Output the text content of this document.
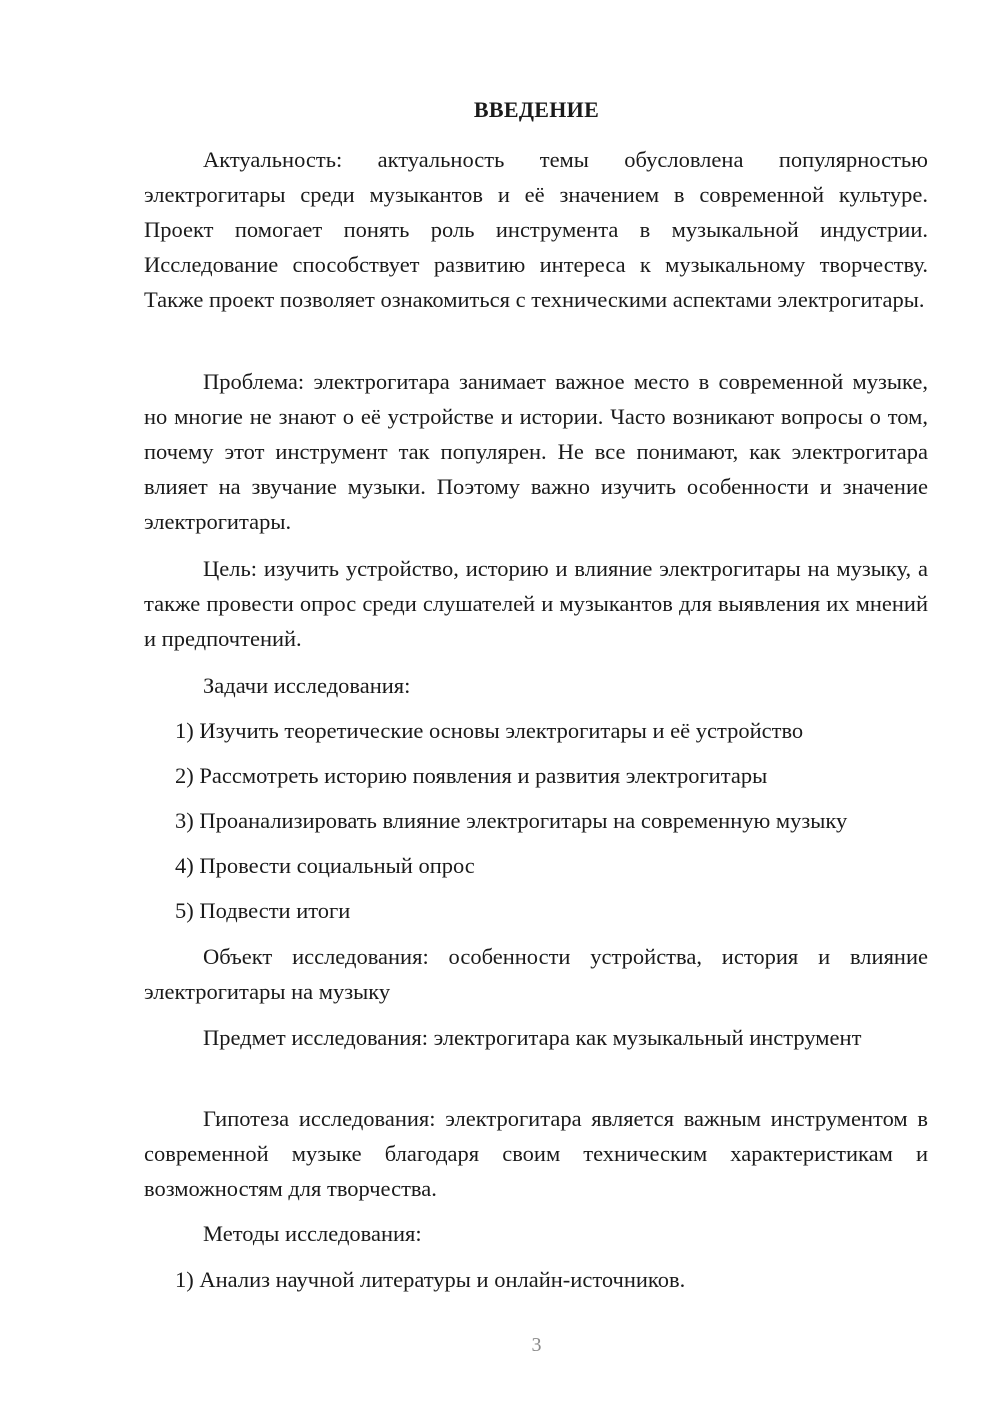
ВВЕДЕНИЕ

Актуальность: актуальность темы обусловлена популярностью электрогитары среди музыкантов и её значением в современной культуре. Проект помогает понять роль инструмента в музыкальной индустрии. Исследование способствует развитию интереса к музыкальному творчеству. Также проект позволяет ознакомиться с техническими аспектами электрогитары.

Проблема: электрогитара занимает важное место в современной музыке, но многие не знают о её устройстве и истории. Часто возникают вопросы о том, почему этот инструмент так популярен. Не все понимают, как электрогитара влияет на звучание музыки. Поэтому важно изучить особенности и значение электрогитары.

Цель: изучить устройство, историю и влияние электрогитары на музыку, а также провести опрос среди слушателей и музыкантов для выявления их мнений и предпочтений.

Задачи исследования:

1) Изучить теоретические основы электрогитары и её устройство

2) Рассмотреть историю появления и развития электрогитары

3) Проанализировать влияние электрогитары на современную музыку

4) Провести социальный опрос

5) Подвести итоги

Объект исследования: особенности устройства, история и влияние электрогитары на музыку

Предмет исследования: электрогитара как музыкальный инструмент

Гипотеза исследования: электрогитара является важным инструментом в современной музыке благодаря своим техническим характеристикам и возможностям для творчества.

Методы исследования:

1) Анализ научной литературы и онлайн-источников.

3
